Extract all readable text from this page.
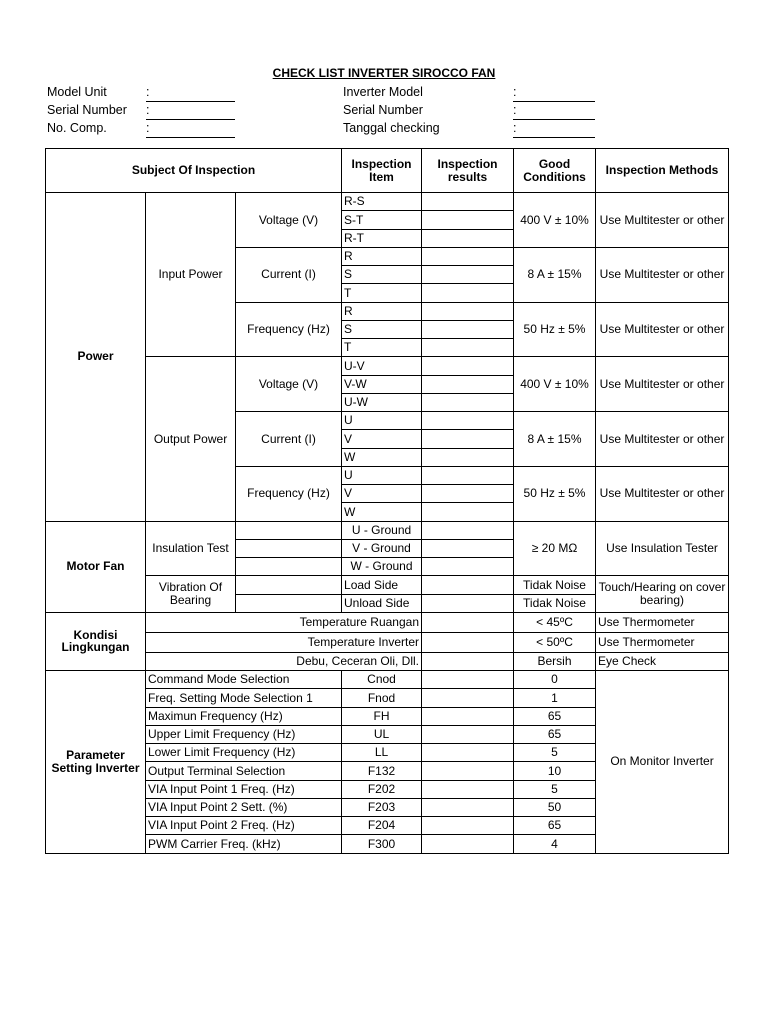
CHECK LIST INVERTER SIROCCO FAN
Model Unit	:
Serial Number :
No. Comp.	:
Inverter Model	:
Serial Number	:
Tanggal checking	:
Subject Of Inspection			Inspection Item	Inspection results	Good Conditions	Inspection Methods
Power	Input Power	Voltage (V)	R-S		400 V ± 10%	Use Multitester or other
			S-T			
			R-T			
		Current (I)	R		8 A ± 15%	Use Multitester or other
			S			
			T			
		Frequency (Hz)	R		50 Hz ± 5%	Use Multitester or other
			S			
			T			
	Output Power	Voltage (V)	U-V		400 V ± 10%	Use Multitester or other
			V-W			
			U-W			
		Current (I)	U		8 A ± 15%	Use Multitester or other
			V			
			W			
		Frequency (Hz)	U		50 Hz ± 5%	Use Multitester or other
			V			
			W			
Motor Fan	Insulation Test		U - Ground		≥ 20 MΩ	Use Insulation Tester
			V - Ground			
			W - Ground			
	Vibration Of Bearing		Load Side		Tidak Noise	Touch/Hearing on cover bearing)
			Unload Side		Tidak Noise	
Kondisi Lingkungan	Temperature Ruangan				< 45ºC	Use Thermometer
	Temperature Inverter				< 50ºC	Use Thermometer
	Debu, Ceceran Oli, Dll.				Bersih	Eye Check
Parameter Setting Inverter	Command Mode Selection		Cnod		0	On Monitor Inverter
	Freq. Setting Mode Selection 1		Fnod		1	
	Maximun Frequency (Hz)		FH		65	
	Upper Limit Frequency (Hz)		UL		65	
	Lower Limit Frequency (Hz)		LL		5	
	Output Terminal Selection		F132		10	
	VIA Input Point 1 Freq. (Hz)		F202		5	
	VIA Input Point 2 Sett. (%)		F203		50	
	VIA Input Point 2 Freq. (Hz)		F204		65	
	PWM Carrier Freq. (kHz)		F300		4	
